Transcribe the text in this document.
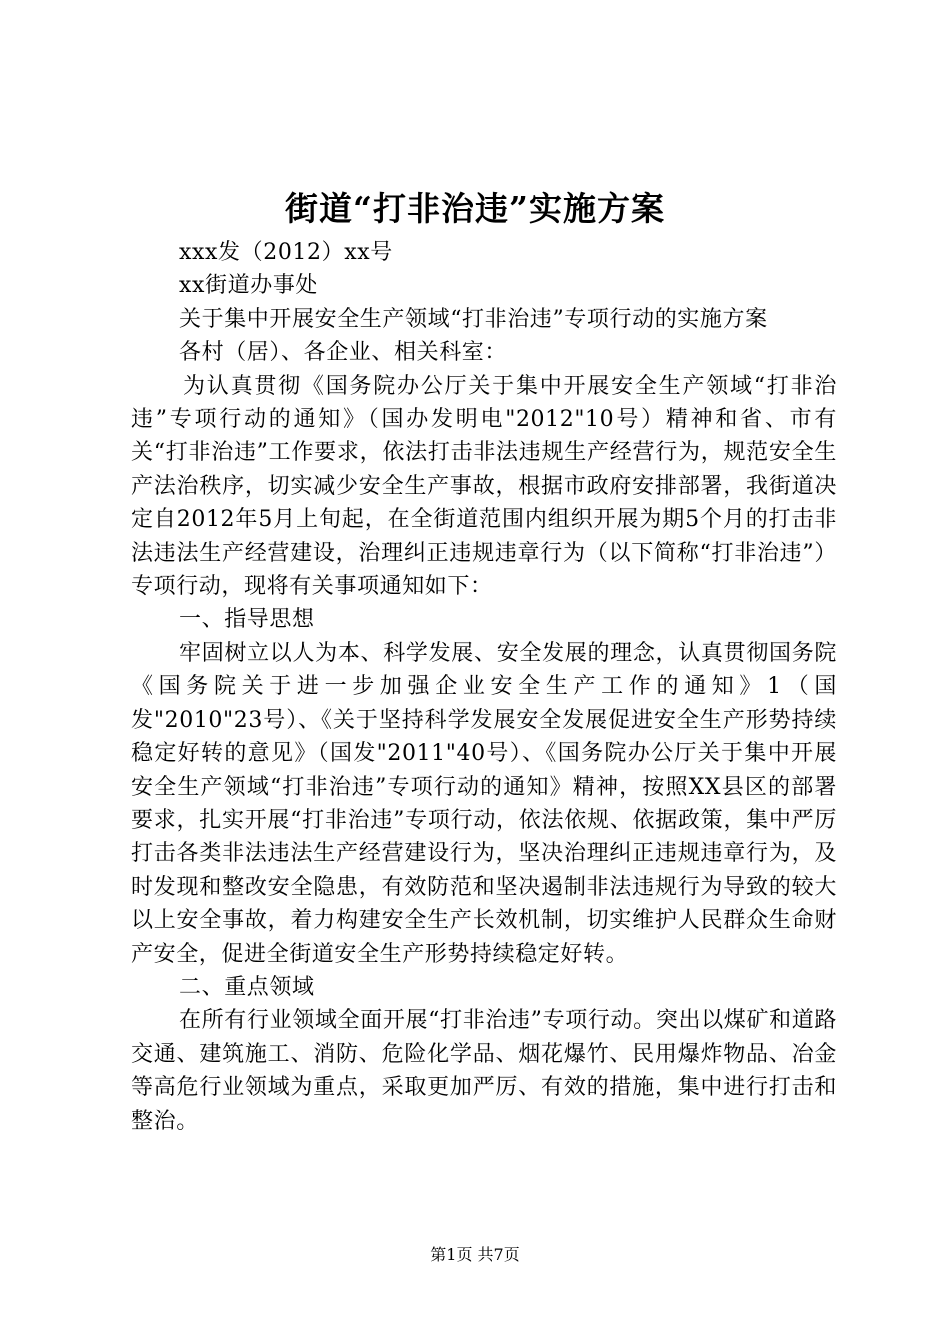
街道“打非治违”实施方案

xxx发（2012）xx号

xx街道办事处

关于集中开展安全生产领域“打非治违”专项行动的实施方案

各村（居）、各企业、相关科室：

为认真贯彻《国务院办公厅关于集中开展安全生产领域“打非治违”专项行动的通知》（国办发明电"2012"10号）精神和省、市有关“打非治违”工作要求，依法打击非法违规生产经营行为，规范安全生产法治秩序，切实减少安全生产事故，根据市政府安排部署，我街道决定自2012年5月上旬起，在全街道范围内组织开展为期5个月的打击非法违法生产经营建设，治理纠正违规违章行为（以下简称“打非治违”）专项行动，现将有关事项通知如下：

一、指导思想

牢固树立以人为本、科学发展、安全发展的理念，认真贯彻国务院《国务院关于进一步加强企业安全生产工作的通知》1（国发"2010"23号）、《关于坚持科学发展安全发展促进安全生产形势持续稳定好转的意见》（国发"2011"40号）、《国务院办公厅关于集中开展安全生产领域“打非治违”专项行动的通知》精神，按照XX县区的部署要求，扎实开展“打非治违”专项行动，依法依规、依据政策，集中严厉打击各类非法违法生产经营建设行为，坚决治理纠正违规违章行为，及时发现和整改安全隐患，有效防范和坚决遏制非法违规行为导致的较大以上安全事故，着力构建安全生产长效机制，切实维护人民群众生命财产安全，促进全街道安全生产形势持续稳定好转。

二、重点领域

在所有行业领域全面开展“打非治违”专项行动。突出以煤矿和道路交通、建筑施工、消防、危险化学品、烟花爆竹、民用爆炸物品、冶金等高危行业领域为重点，采取更加严厉、有效的措施，集中进行打击和整治。

第1页 共7页
